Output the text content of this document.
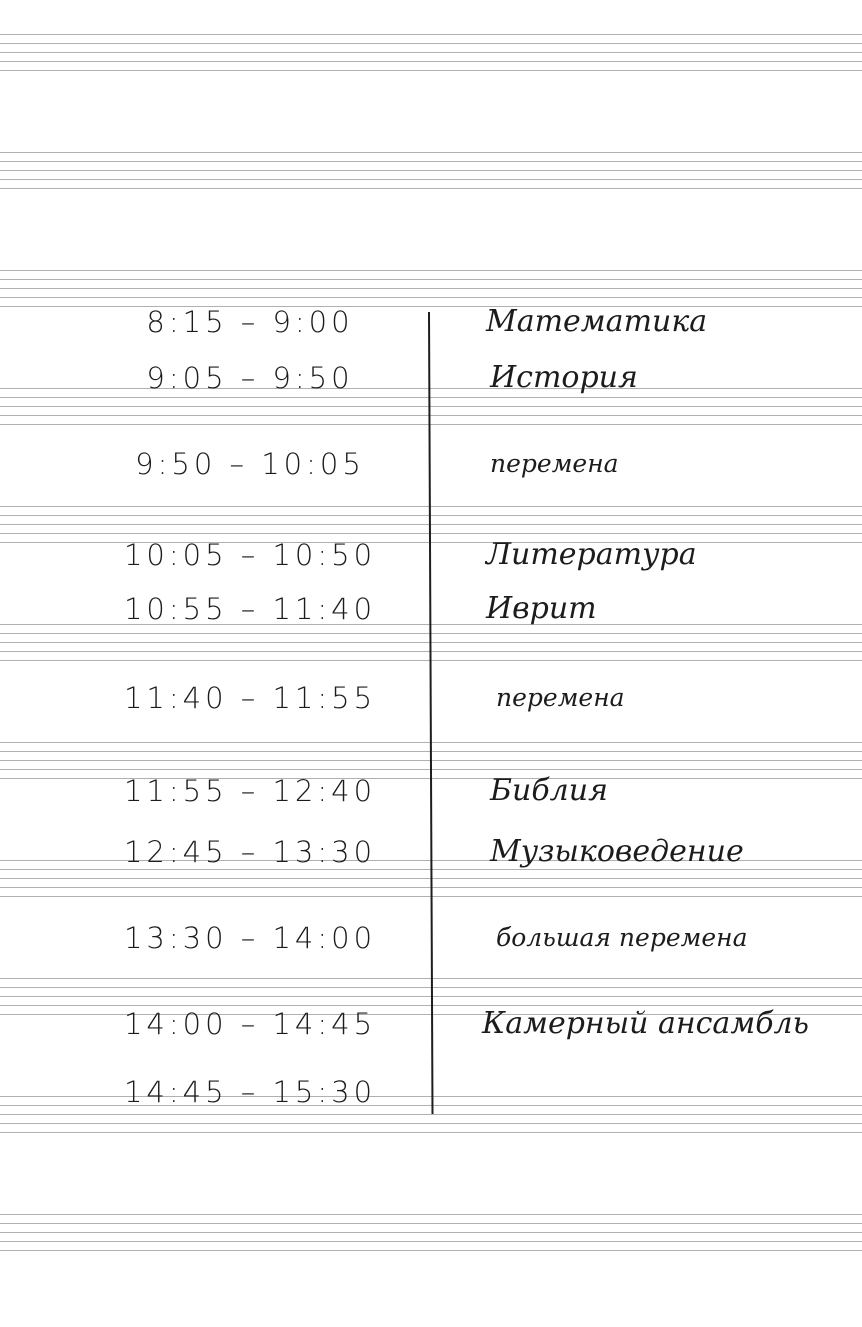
8:15 – 9:00	Математика
9:05 – 9:50	История
9:50 – 10:05	перемена
10:05 – 10:50	Литература
10:55 – 11:40	Иврит
11:40 – 11:55	перемена
11:55 – 12:40	Библия
12:45 – 13:30	Музыковедение
13:30 – 14:00	большая перемена
14:00 – 14:45	Камерный ансамбль
14:45 – 15:30
